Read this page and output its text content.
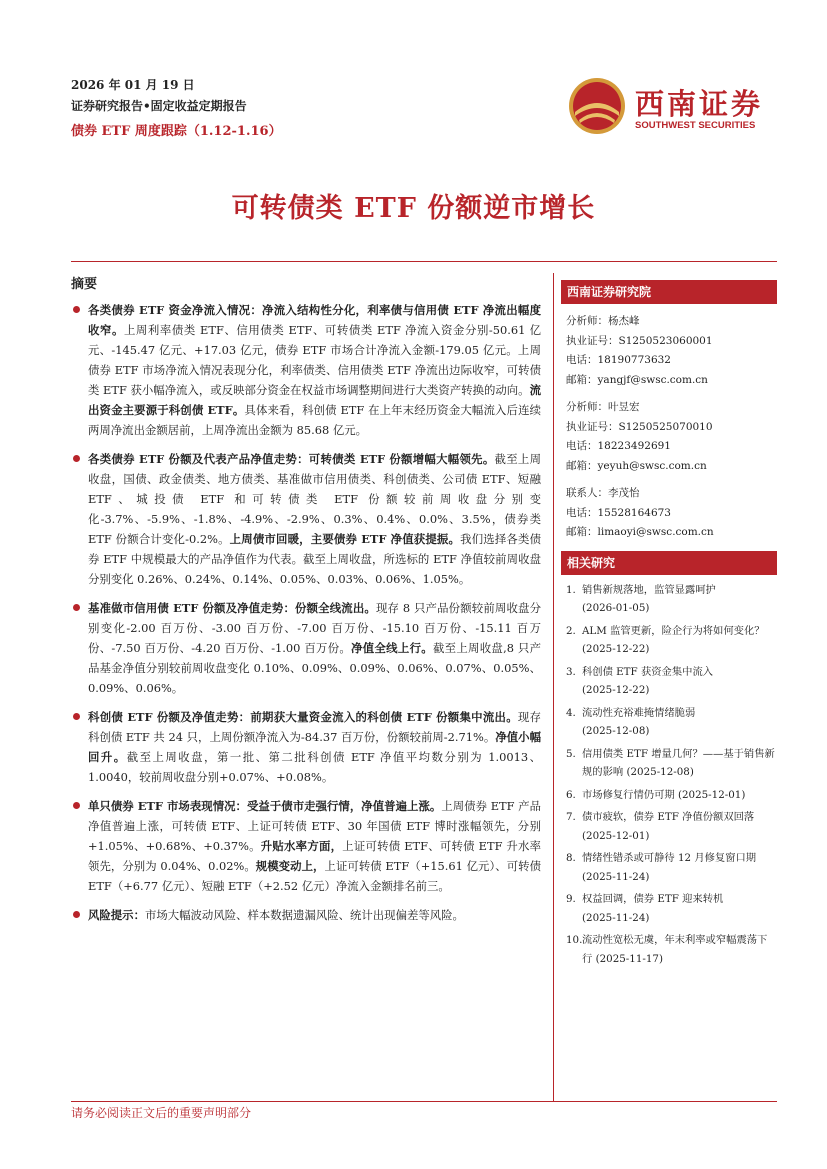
2026 年 01 月 19 日
证券研究报告•固定收益定期报告
债券 ETF 周度跟踪（1.12-1.16）
西南证券
SOUTHWEST SECURITIES
可转债类 ETF 份额逆市增长
摘要
各类债券 ETF 资金净流入情况：净流入结构性分化，利率债与信用债 ETF 净流出幅度收窄。上周利率债类 ETF、信用债类 ETF、可转债类 ETF 净流入资金分别-50.61 亿元、-145.47 亿元、+17.03 亿元，债券 ETF 市场合计净流入金额-179.05 亿元。上周债券 ETF 市场净流入情况表现分化，利率债类、信用债类 ETF 净流出边际收窄，可转债类 ETF 获小幅净流入，或反映部分资金在权益市场调整期间进行大类资产转换的动向。流出资金主要源于科创债 ETF。具体来看，科创债 ETF 在上年末经历资金大幅流入后连续两周净流出金额居前，上周净流出金额为 85.68 亿元。
各类债券 ETF 份额及代表产品净值走势：可转债类 ETF 份额增幅大幅领先。截至上周收盘，国债、政金债类、地方债类、基准做市信用债类、科创债类、公司债 ETF、短融 ETF、城投债 ETF 和可转债类 ETF 份额较前周收盘分别变化-3.7%、-5.9%、-1.8%、-4.9%、-2.9%、0.3%、0.4%、0.0%、3.5%，债券类 ETF 份额合计变化-0.2%。上周债市回暖，主要债券 ETF 净值获提振。我们选择各类债券 ETF 中规模最大的产品净值作为代表。截至上周收盘，所选标的 ETF 净值较前周收盘分别变化 0.26%、0.24%、0.14%、0.05%、0.03%、0.06%、1.05%。
基准做市信用债 ETF 份额及净值走势：份额全线流出。现存 8 只产品份额较前周收盘分别变化-2.00 百万份、-3.00 百万份、-7.00 百万份、-15.10 百万份、-15.11 百万份、-7.50 百万份、-4.20 百万份、-1.00 百万份。净值全线上行。截至上周收盘,8 只产品基金净值分别较前周收盘变化 0.10%、0.09%、0.09%、0.06%、0.07%、0.05%、0.09%、0.06%。
科创债 ETF 份额及净值走势：前期获大量资金流入的科创债 ETF 份额集中流出。现存科创债 ETF 共 24 只，上周份额净流入为-84.37 百万份，份额较前周-2.71%。净值小幅回升。截至上周收盘，第一批、第二批科创债 ETF 净值平均数分别为 1.0013、1.0040，较前周收盘分别+0.07%、+0.08%。
单只债券 ETF 市场表现情况：受益于债市走强行情，净值普遍上涨。上周债券 ETF 产品净值普遍上涨，可转债 ETF、上证可转债 ETF、30 年国债 ETF 博时涨幅领先，分别+1.05%、+0.68%、+0.37%。升贴水率方面，上证可转债 ETF、可转债 ETF 升水率领先，分别为 0.04%、0.02%。规模变动上，上证可转债 ETF（+15.61 亿元）、可转债 ETF（+6.77 亿元）、短融 ETF（+2.52 亿元）净流入金额排名前三。
风险提示：市场大幅波动风险、样本数据遗漏风险、统计出现偏差等风险。
西南证券研究院
分析师：杨杰峰
执业证号：S1250523060001
电话：18190773632
邮箱：yangjf@swsc.com.cn
分析师：叶昱宏
执业证号：S1250525070010
电话：18223492691
邮箱：yeyuh@swsc.com.cn
联系人：李茂怡
电话：15528164673
邮箱：limaoyi@swsc.com.cn
相关研究
1. 销售新规落地，监管显露呵护
(2026-01-05)
2. ALM 监管更新，险企行为将如何变化？
(2025-12-22)
3. 科创债 ETF 获资金集中流入
(2025-12-22)
4. 流动性充裕难掩情绪脆弱
(2025-12-08)
5. 信用债类 ETF 增量几何？——基于销售新规的影响 (2025-12-08)
6. 市场修复行情仍可期 (2025-12-01)
7. 债市疲软，债券 ETF 净值份额双回落
(2025-12-01)
8. 情绪性错杀或可静待 12 月修复窗口期
(2025-11-24)
9. 权益回调，债券 ETF 迎来转机
(2025-11-24)
10. 流动性宽松无虞，年末利率或窄幅震荡下行 (2025-11-17)
请务必阅读正文后的重要声明部分
